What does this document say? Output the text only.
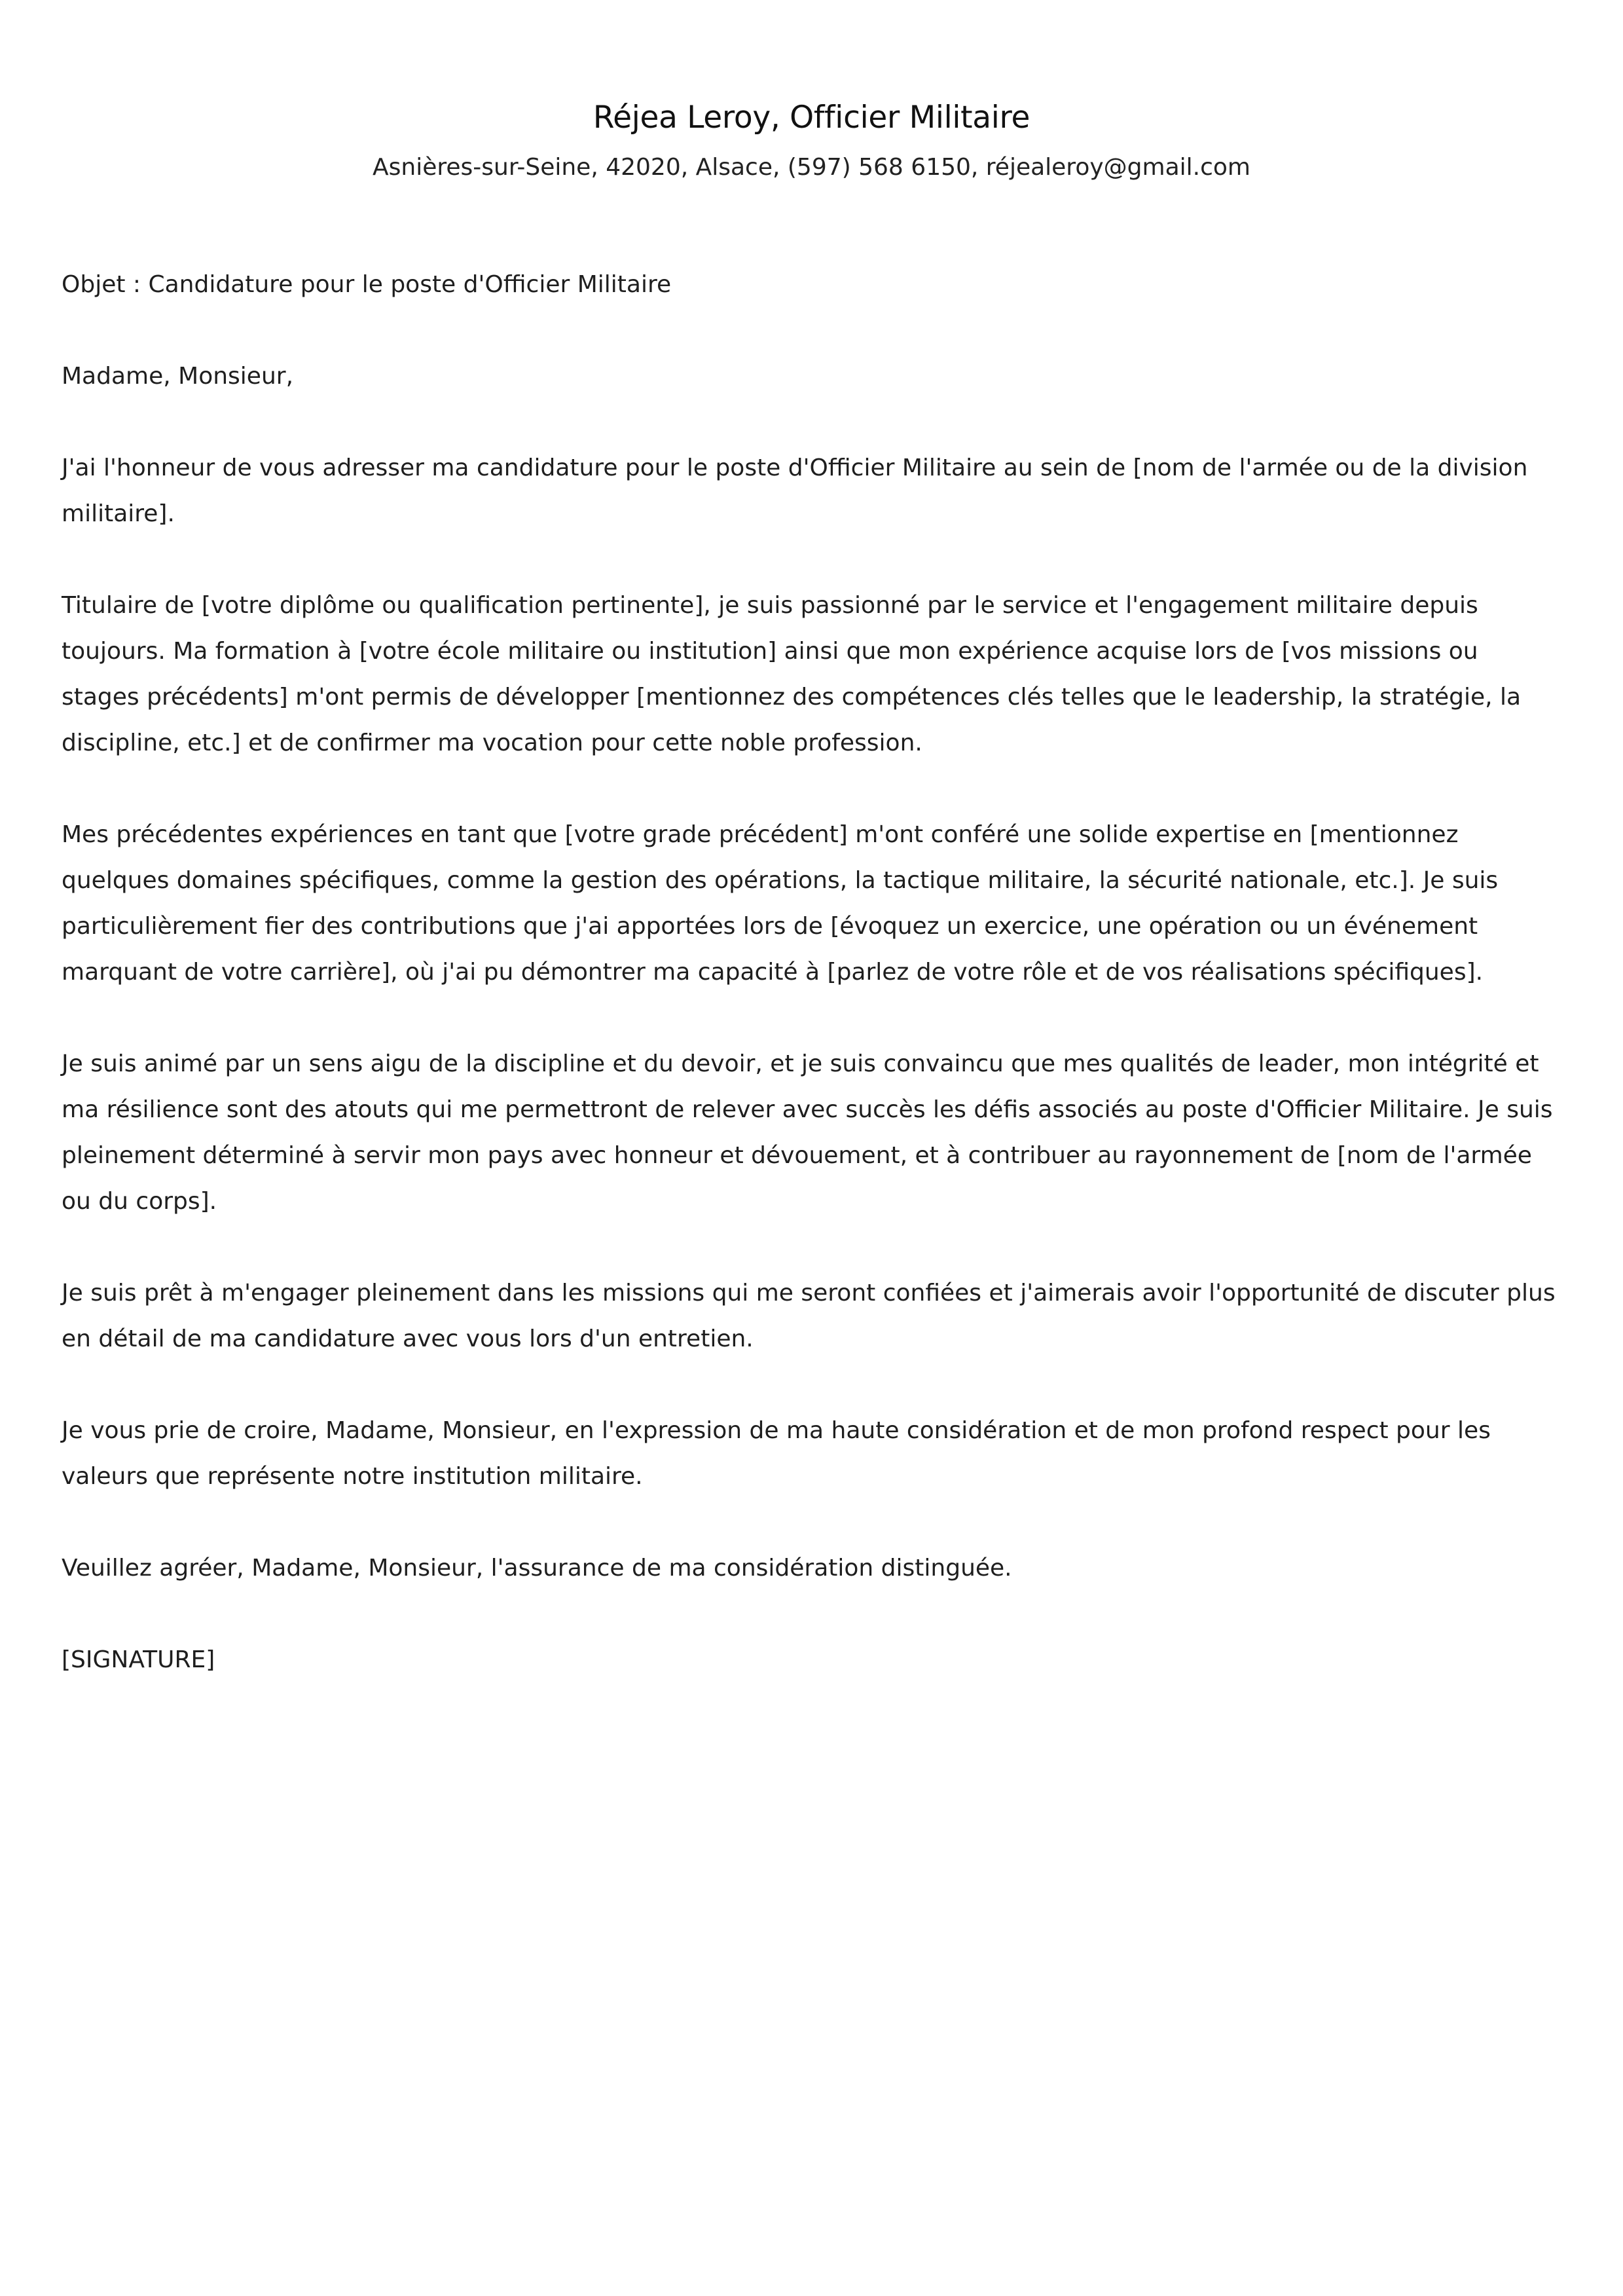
Réjea Leroy, Officier Militaire
Asnières-sur-Seine, 42020, Alsace, (597) 568 6150, réjealeroy@gmail.com

Objet : Candidature pour le poste d'Officier Militaire

Madame, Monsieur,

J'ai l'honneur de vous adresser ma candidature pour le poste d'Officier Militaire au sein de [nom de l'armée ou de la division militaire].

Titulaire de [votre diplôme ou qualification pertinente], je suis passionné par le service et l'engagement militaire depuis toujours. Ma formation à [votre école militaire ou institution] ainsi que mon expérience acquise lors de [vos missions ou stages précédents] m'ont permis de développer [mentionnez des compétences clés telles que le leadership, la stratégie, la discipline, etc.] et de confirmer ma vocation pour cette noble profession.

Mes précédentes expériences en tant que [votre grade précédent] m'ont conféré une solide expertise en [mentionnez quelques domaines spécifiques, comme la gestion des opérations, la tactique militaire, la sécurité nationale, etc.]. Je suis particulièrement fier des contributions que j'ai apportées lors de [évoquez un exercice, une opération ou un événement marquant de votre carrière], où j'ai pu démontrer ma capacité à [parlez de votre rôle et de vos réalisations spécifiques].

Je suis animé par un sens aigu de la discipline et du devoir, et je suis convaincu que mes qualités de leader, mon intégrité et ma résilience sont des atouts qui me permettront de relever avec succès les défis associés au poste d'Officier Militaire. Je suis pleinement déterminé à servir mon pays avec honneur et dévouement, et à contribuer au rayonnement de [nom de l'armée ou du corps].

Je suis prêt à m'engager pleinement dans les missions qui me seront confiées et j'aimerais avoir l'opportunité de discuter plus en détail de ma candidature avec vous lors d'un entretien.

Je vous prie de croire, Madame, Monsieur, en l'expression de ma haute considération et de mon profond respect pour les valeurs que représente notre institution militaire.

Veuillez agréer, Madame, Monsieur, l'assurance de ma considération distinguée.

[SIGNATURE]
